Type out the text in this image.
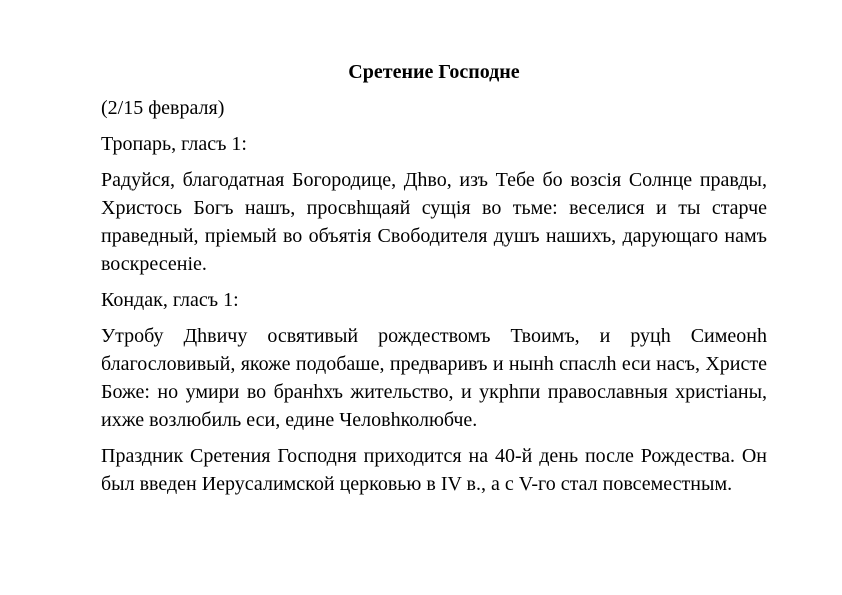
Сретение Господне
(2/15 февраля)
Тропарь, гласъ 1:
Радуйся, благодатная Богородице, Дhво, изъ Тебе бо возсія Солнце правды, Христось Богъ нашъ, просвhщаяй сущія во тьме: веселися и ты старче праведный, пріемый во объятія Свободителя душъ нашихъ, дарующаго намъ воскресеніе.
Кондак, гласъ 1:
Утробу Дhвичу освятивый рождествомъ Твоимъ, и руцh Симеонh благословивый, якоже подобаше, предваривъ и нынh спаслh еси насъ, Христе Боже: но умири во бранhхъ жительство, и укрhпи православныя христіаны, ихже возлюбиль еси, едине Человhколюбче.
Праздник Сретения Господня приходится на 40-й день после Рождества. Он был введен Иерусалимской церковью в IV в., а с V-го стал повсеместным.
